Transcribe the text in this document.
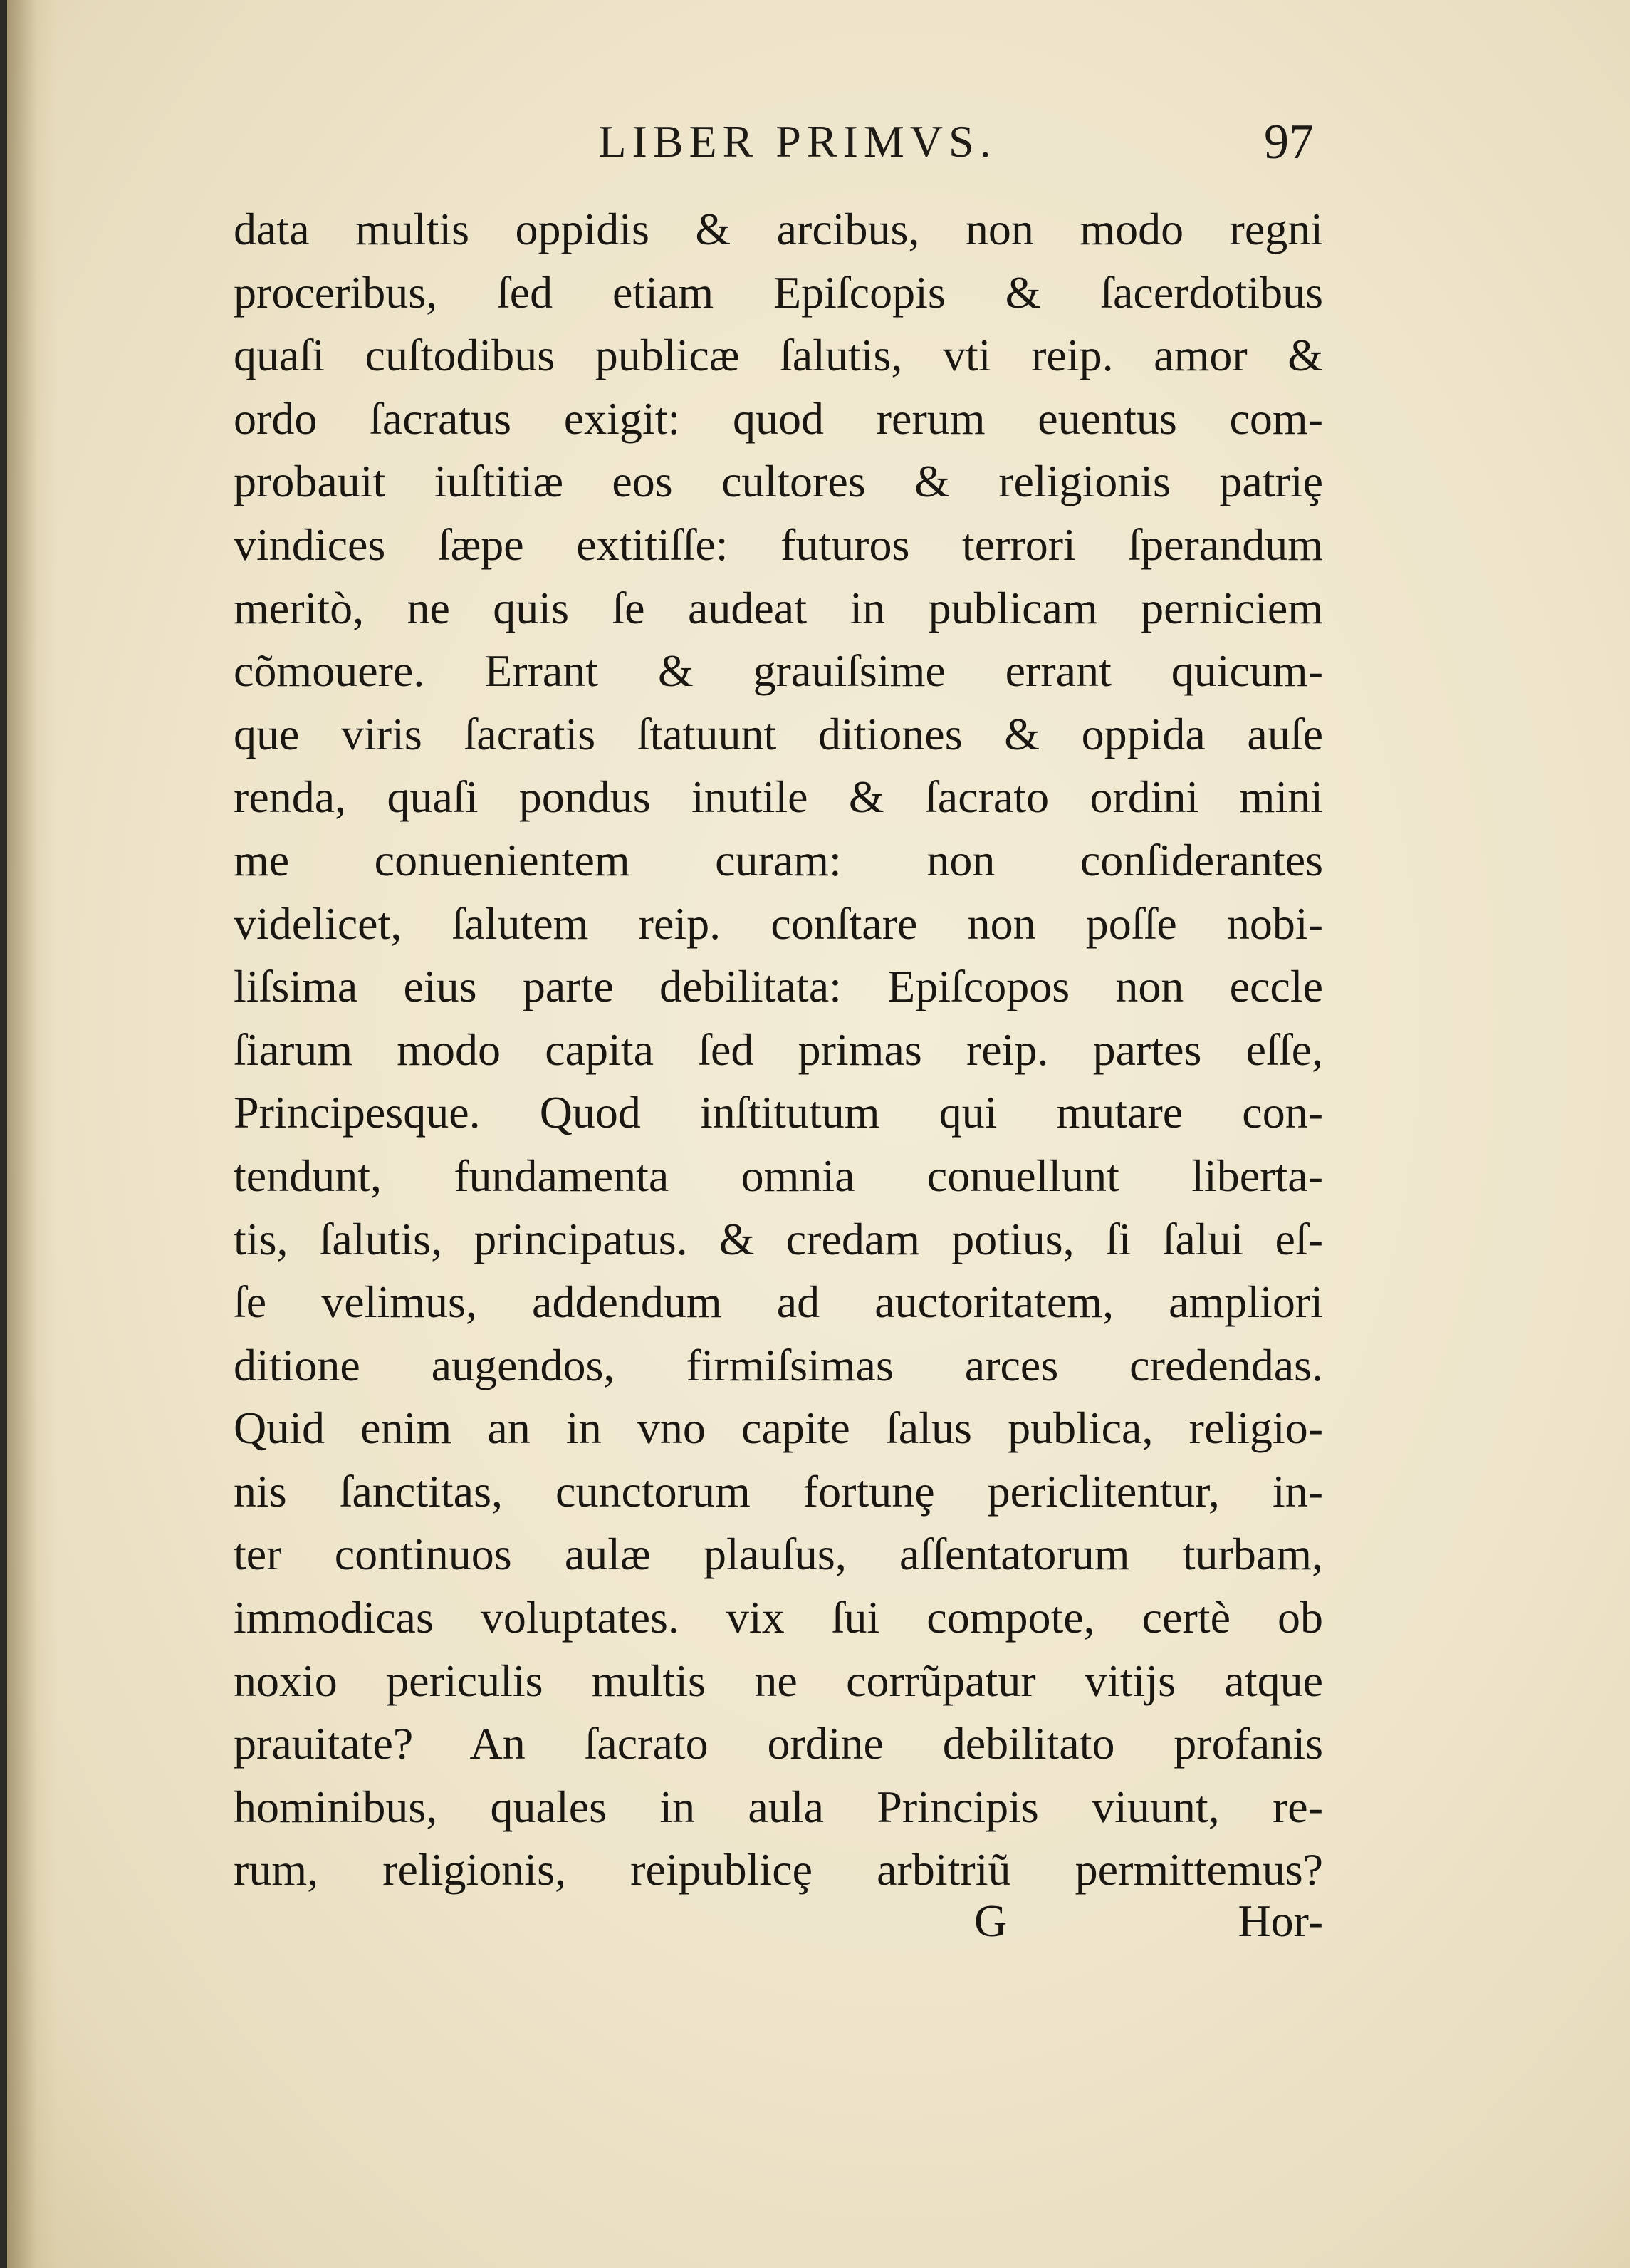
LIBER PRIMVS.	97
data multis oppidis & arcibus, non modo regni
proceribus, ſed etiam Epiſcopis & ſacerdotibus
quaſi cuſtodibus publicæ ſalutis, vti reip. amor &
ordo ſacratus exigit: quod rerum euentus com-
probauit iuſtitiæ eos cultores & religionis patriȩ
vindices ſæpe extitiſſe: futuros terrori ſperandum
meritò, ne quis ſe audeat in publicam perniciem
cõmouere. Errant & grauiſsime errant quicum-
que viris ſacratis ſtatuunt ditiones & oppida auſe
renda, quaſi pondus inutile & ſacrato ordini mini
me conuenientem curam: non conſiderantes
videlicet, ſalutem reip. conſtare non poſſe nobi-
liſsima eius parte debilitata: Epiſcopos non eccle
ſiarum modo capita ſed primas reip. partes eſſe,
Principesque. Quod inſtitutum qui mutare con-
tendunt, fundamenta omnia conuellunt liberta-
tis, ſalutis, principatus. & credam potius, ſi ſalui eſ-
ſe velimus, addendum ad auctoritatem, ampliori
ditione augendos, firmiſsimas arces credendas.
Quid enim an in vno capite ſalus publica, religio-
nis ſanctitas, cunctorum fortunȩ periclitentur, in-
ter continuos aulæ plauſus, aſſentatorum turbam,
immodicas voluptates. vix ſui compote, certè ob
noxio periculis multis ne corrũpatur vitijs atque
prauitate? An ſacrato ordine debilitato profanis
hominibus, quales in aula Principis viuunt, re-
rum, religionis, reipublicȩ arbitriũ permittemus?
G	Hor-
